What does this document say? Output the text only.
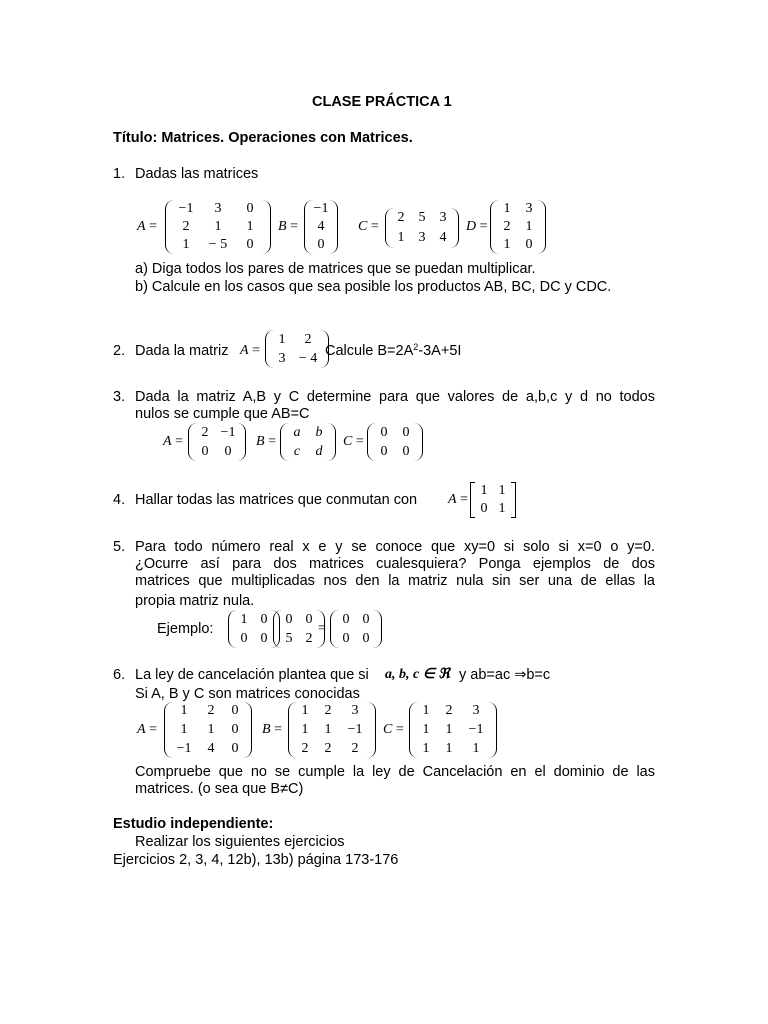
CLASE PRÁCTICA 1
Título: Matrices. Operaciones con Matrices.
1. Dadas las matrices
A =
−1 3 0
2 1 1
1 − 5 0
B =
−1
4
0
C =
2 5 3
1 3 4
D =
1 3
2 1
1 0
a) Diga todos los pares de matrices que se puedan multiplicar.
b) Calcule en los casos que sea posible los productos AB, BC, DC y CDC.
2. Dada la matriz A =
1 2
3 − 4 Calcule $B=2A^2-3A+5I$
3. Dada la matriz A,B y C determine para que valores de a,b,c y d no todos
nulos se cumple que AB=C
A =
2 −1
0 0
B =
a b
c d
C =
0 0
0 0
4. Hallar todas las matrices que conmutan con A =
1 1
0 1
5. Para todo número real x e y se conoce que xy=0 si solo si x=0 o y=0.
¿Ocurre así para dos matrices cualesquiera? Ponga ejemplos de dos
matrices que multiplicadas nos den la matriz nula sin ser una de ellas la
propia matriz nula.
Ejemplo:
1 0
0 0
0 0
5 2
=
0 0
0 0
6. La ley de cancelación plantea que si a, b, c ∈ ℜ y ab=ac ⇒b=c
Si A, B y C son matrices conocidas
A =
1 2 0
1 1 0
−1 4 0
B =
1 2 3
1 1 −1
2 2 2
C =
1 2 3
1 1 −1
1 1 1
Compruebe que no se cumple la ley de Cancelación en el dominio de las
matrices. (o sea que B≠C)
Estudio independiente:
Realizar los siguientes ejercicios
Ejercicios 2, 3, 4, 12b), 13b) página 173-176
